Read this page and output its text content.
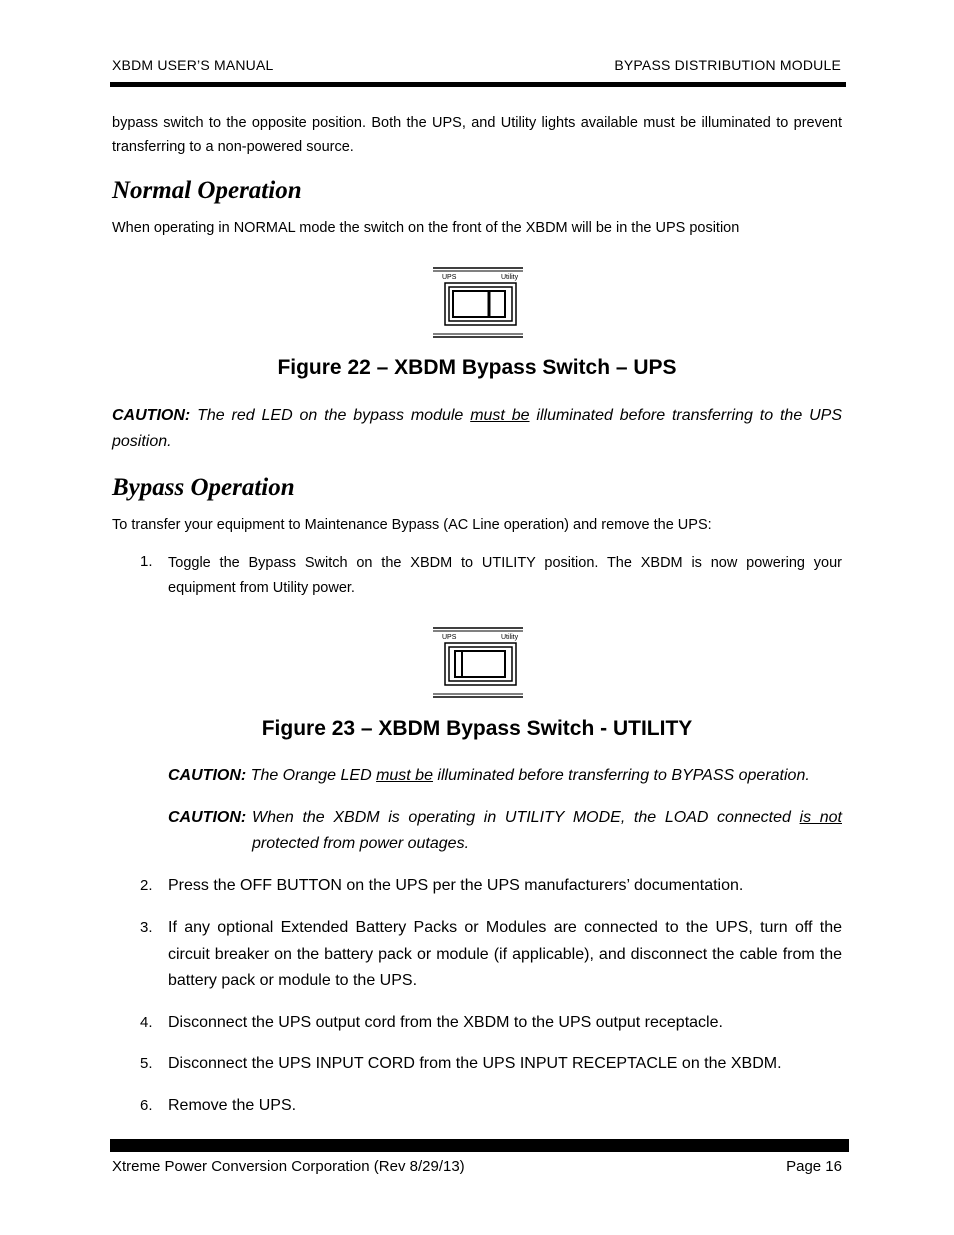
XBDM USER’S MANUAL	BYPASS DISTRIBUTION MODULE
bypass switch to the opposite position. Both the UPS, and Utility lights available must be illuminated to prevent transferring to a non-powered source.
Normal Operation
When operating in NORMAL mode the switch on the front of the XBDM will be in the UPS position
UPS	Utility
Figure 22 – XBDM Bypass Switch – UPS
CAUTION: The red LED on the bypass module must be illuminated before transferring to the UPS position.
Bypass Operation
To transfer your equipment to Maintenance Bypass (AC Line operation) and remove the UPS:
1. Toggle the Bypass Switch on the XBDM to UTILITY position. The XBDM is now powering your equipment from Utility power.
UPS	Utility
Figure 23 – XBDM Bypass Switch - UTILITY
CAUTION: The Orange LED must be illuminated before transferring to BYPASS operation.
CAUTION: When the XBDM is operating in UTILITY MODE, the LOAD connected is not protected from power outages.
2. Press the OFF BUTTON on the UPS per the UPS manufacturers’ documentation.
3. If any optional Extended Battery Packs or Modules are connected to the UPS, turn off the circuit breaker on the battery pack or module (if applicable), and disconnect the cable from the battery pack or module to the UPS.
4. Disconnect the UPS output cord from the XBDM to the UPS output receptacle.
5. Disconnect the UPS INPUT CORD from the UPS INPUT RECEPTACLE on the XBDM.
6. Remove the UPS.
Xtreme Power Conversion Corporation (Rev 8/29/13)	Page 16
